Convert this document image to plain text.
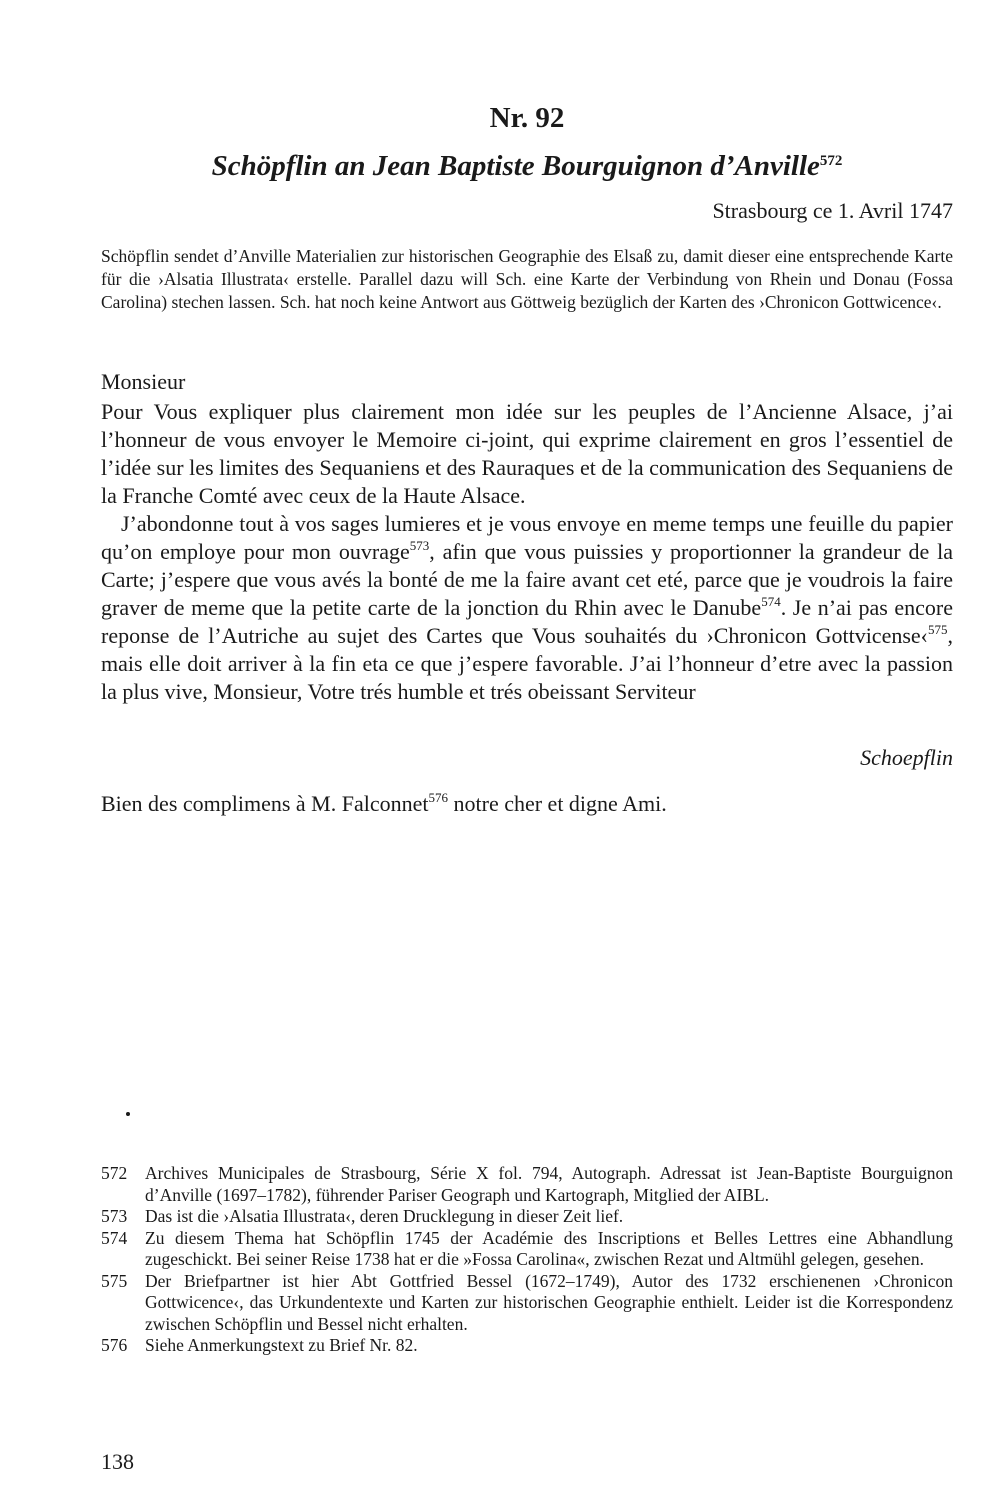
Nr. 92
Schöpflin an Jean Baptiste Bourguignon d’Anville$^{572}$
Strasbourg ce 1. Avril 1747

Schöpflin sendet d’Anville Materialien zur historischen Geographie des Elsaß zu, damit dieser eine entsprechende Karte für die ›Alsatia Illustrata‹ erstelle. Parallel dazu will Sch. eine Karte der Verbindung von Rhein und Donau (Fossa Carolina) stechen lassen. Sch. hat noch keine Antwort aus Göttweig bezüglich der Karten des ›Chronicon Gottwicence‹.

Monsieur

Pour Vous expliquer plus clairement mon idée sur les peuples de l’Ancienne Alsace, j’ai l’honneur de vous envoyer le Memoire ci-joint, qui exprime clairement en gros l’essentiel de l’idée sur les limites des Sequaniens et des Rauraques et de la communication des Sequaniens de la Franche Comté avec ceux de la Haute Alsace.

J’abondonne tout à vos sages lumieres et je vous envoye en meme temps une feuille du papier qu’on employe pour mon ouvrage$^{573}$, afin que vous puissies y proportionner la grandeur de la Carte; j’espere que vous avés la bonté de me la faire avant cet eté, parce que je voudrois la faire graver de meme que la petite carte de la jonction du Rhin avec le Danube$^{574}$. Je n’ai pas encore reponse de l’Autriche au sujet des Cartes que Vous souhaités du ›Chronicon Gottvicense‹$^{575}$, mais elle doit arriver à la fin eta ce que j’espere favorable. J’ai l’honneur d’etre avec la passion la plus vive, Monsieur, Votre trés humble et trés obeissant Serviteur

Schoepflin
Bien des complimens à M. Falconnet$^{576}$ notre cher et digne Ami.
572	Archives Municipales de Strasbourg, Série X fol. 794, Autograph. Adressat ist Jean-Baptiste Bourguignon d’Anville (1697–1782), führender Pariser Geograph und Kartograph, Mitglied der AIBL.
573	Das ist die ›Alsatia Illustrata‹, deren Drucklegung in dieser Zeit lief.
574	Zu diesem Thema hat Schöpflin 1745 der Académie des Inscriptions et Belles Lettres eine Abhandlung zugeschickt. Bei seiner Reise 1738 hat er die »Fossa Carolina«, zwischen Rezat und Altmühl gelegen, gesehen.
575	Der Briefpartner ist hier Abt Gottfried Bessel (1672–1749), Autor des 1732 erschienenen ›Chronicon Gottwicence‹, das Urkundentexte und Karten zur historischen Geographie enthielt. Leider ist die Korrespondenz zwischen Schöpflin und Bessel nicht erhalten.
576	Siehe Anmerkungstext zu Brief Nr. 82.
138
